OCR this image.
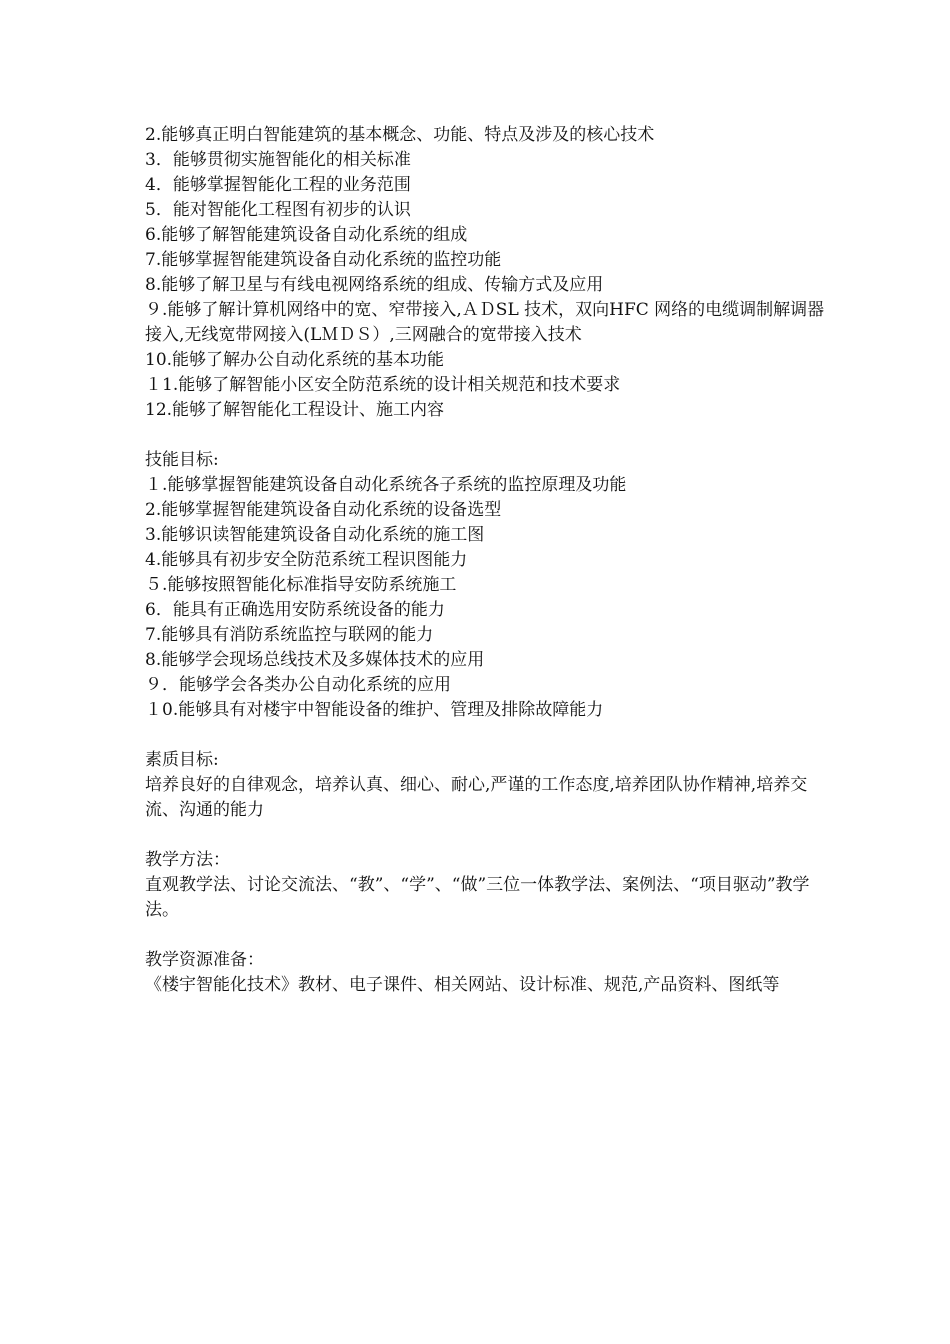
2.能够真正明白智能建筑的基本概念、功能、特点及涉及的核心技术

3．能够贯彻实施智能化的相关标准

4．能够掌握智能化工程的业务范围

5．能对智能化工程图有初步的认识

6.能够了解智能建筑设备自动化系统的组成

7.能够掌握智能建筑设备自动化系统的监控功能

8.能够了解卫星与有线电视网络系统的组成、传输方式及应用

９.能够了解计算机网络中的宽、窄带接入,ＡＤSL 技术，双向HFC 网络的电缆调制解调器接入,无线宽带网接入(LＭＤＳ）,三网融合的宽带接入技术

10.能够了解办公自动化系统的基本功能

１1.能够了解智能小区安全防范系统的设计相关规范和技术要求

12.能够了解智能化工程设计、施工内容

技能目标:

１.能够掌握智能建筑设备自动化系统各子系统的监控原理及功能

2.能够掌握智能建筑设备自动化系统的设备选型

3.能够识读智能建筑设备自动化系统的施工图

4.能够具有初步安全防范系统工程识图能力

５.能够按照智能化标准指导安防系统施工

6．能具有正确选用安防系统设备的能力

7.能够具有消防系统监控与联网的能力

8.能够学会现场总线技术及多媒体技术的应用

９．能够学会各类办公自动化系统的应用

１0.能够具有对楼宇中智能设备的维护、管理及排除故障能力

素质目标:

培养良好的自律观念，培养认真、细心、耐心,严谨的工作态度,培养团队协作精神,培养交流、沟通的能力

教学方法：

直观教学法、讨论交流法、“教”、“学”、“做”三位一体教学法、案例法、“项目驱动”教学法。

教学资源准备：

《楼宇智能化技术》教材、电子课件、相关网站、设计标准、规范,产品资料、图纸等
